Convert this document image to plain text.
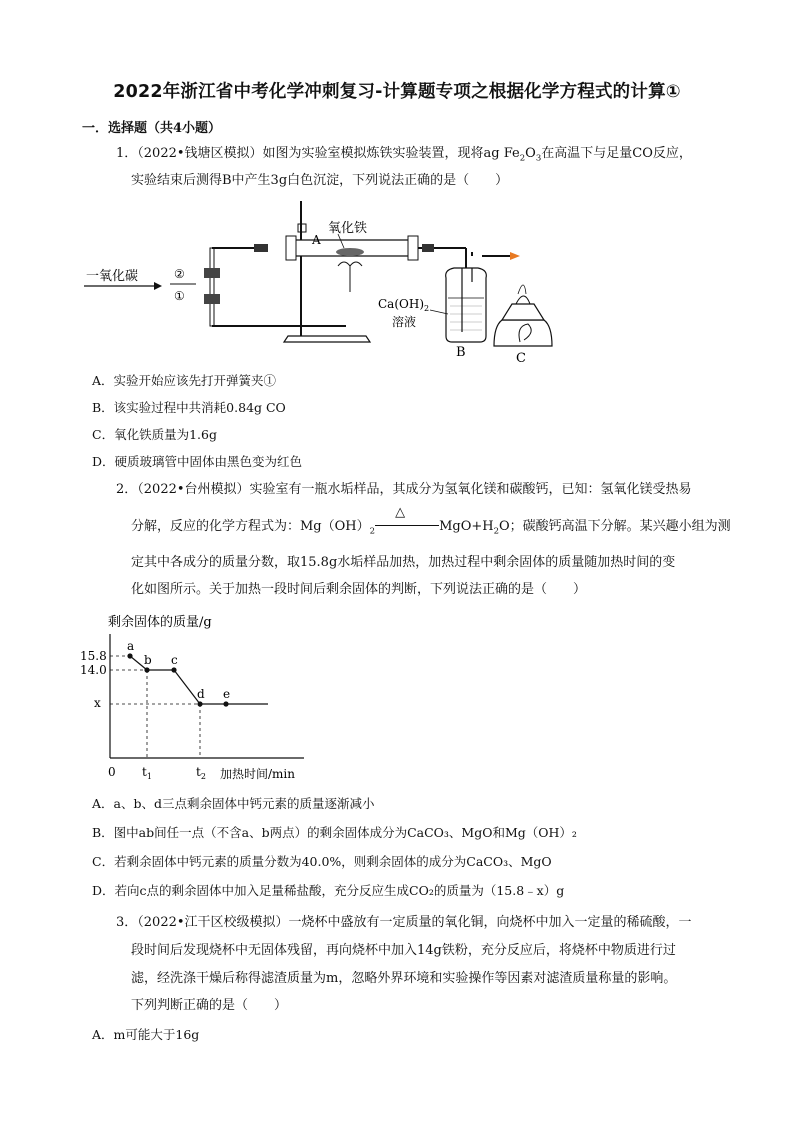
2022年浙江省中考化学冲刺复习-计算题专项之根据化学方程式的计算①
一．选择题（共4小题）
1．（2022•钱塘区模拟）如图为实验室模拟炼铁实验装置，现将ag $Fe_2O_3$在高温下与足量CO反应，
实验结束后测得B中产生3g白色沉淀，下列说法正确的是（　　）
一氧化碳	②
①
A
氧化铁
$Ca(OH)_2$
溶液
B	C
A．实验开始应该先打开弹簧夹①
B．该实验过程中共消耗0.84g CO
C．氧化铁质量为1.6g
D．硬质玻璃管中固体由黑色变为红色
2．（2022•台州模拟）实验室有一瓶水垢样品，其成分为氢氧化镁和碳酸钙，已知：氢氧化镁受热易
分解，反应的化学方程式为：$Mg(OH)_2$
△
$MgO+H_2O$；碳酸钙高温下分解。某兴趣小组为测
定其中各成分的质量分数，取15.8g水垢样品加热，加热过程中剩余固体的质量随加热时间的变
化如图所示。关于加热一段时间后剩余固体的判断，下列说法正确的是（　　）
剩余固体的质量/g
0 $t_1$	$t_2$ 加热时间/min
15.8
14.0
x
a
b c
d e
A．a、b、d三点剩余固体中钙元素的质量逐渐减小
B．图中ab间任一点（不含a、b两点）的剩余固体成分为CaCO₃、MgO和Mg（OH）₂
C．若剩余固体中钙元素的质量分数为40.0%，则剩余固体的成分为CaCO₃、MgO
D．若向c点的剩余固体中加入足量稀盐酸，充分反应生成CO₂的质量为（15.8﹣x）g
3．（2022•江干区校级模拟）一烧杯中盛放有一定质量的氧化铜，向烧杯中加入一定量的稀硫酸，一
段时间后发现烧杯中无固体残留，再向烧杯中加入14g铁粉，充分反应后，将烧杯中物质进行过
滤，经洗涤干燥后称得滤渣质量为m，忽略外界环境和实验操作等因素对滤渣质量称量的影响。
下列判断正确的是（　　）
A．m可能大于16g
